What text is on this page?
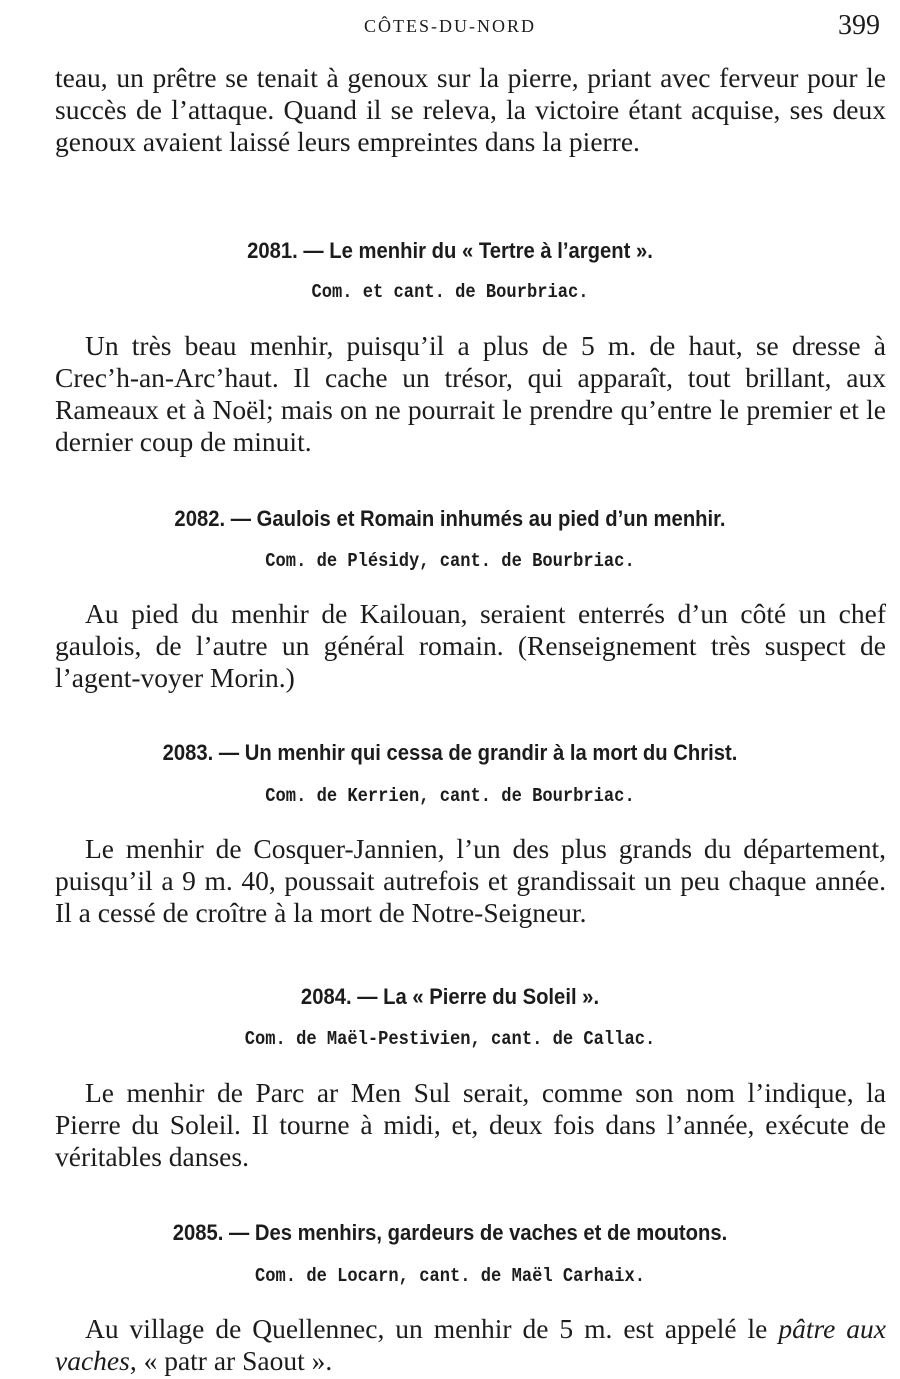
CÔTES-DU-NORD	399

teau, un prêtre se tenait à genoux sur la pierre, priant avec ferveur pour le succès de l’attaque. Quand il se releva, la victoire étant acquise, ses deux genoux avaient laissé leurs empreintes dans la pierre.

2081. — Le menhir du « Tertre à l’argent ».

Com. et cant. de Bourbriac.

Un très beau menhir, puisqu’il a plus de 5 m. de haut, se dresse à Crec’h-an-Arc’haut. Il cache un trésor, qui apparaît, tout brillant, aux Rameaux et à Noël; mais on ne pourrait le prendre qu’entre le premier et le dernier coup de minuit.

2082. — Gaulois et Romain inhumés au pied d’un menhir.

Com. de Plésidy, cant. de Bourbriac.

Au pied du menhir de Kailouan, seraient enterrés d’un côté un chef gaulois, de l’autre un général romain. (Renseignement très suspect de l’agent-voyer Morin.)

2083. — Un menhir qui cessa de grandir à la mort du Christ.

Com. de Kerrien, cant. de Bourbriac.

Le menhir de Cosquer-Jannien, l’un des plus grands du département, puisqu’il a 9 m. 40, poussait autrefois et grandissait un peu chaque année. Il a cessé de croître à la mort de Notre-Seigneur.

2084. — La « Pierre du Soleil ».

Com. de Maël-Pestivien, cant. de Callac.

Le menhir de Parc ar Men Sul serait, comme son nom l’indique, la Pierre du Soleil. Il tourne à midi, et, deux fois dans l’année, exécute de véritables danses.

2085. — Des menhirs, gardeurs de vaches et de moutons.

Com. de Locarn, cant. de Maël Carhaix.

Au village de Quellennec, un menhir de 5 m. est appelé le pâtre aux vaches, « patr ar Saout ».
